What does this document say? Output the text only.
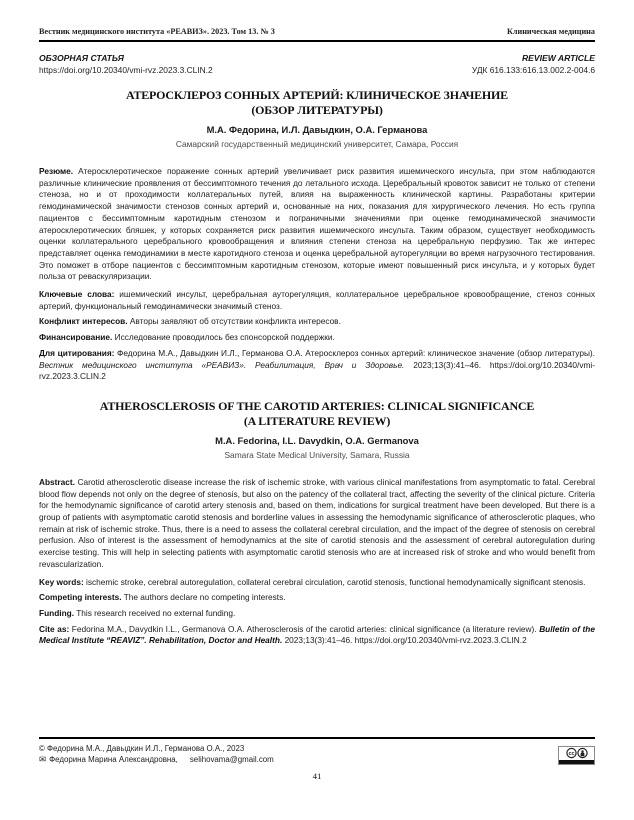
Вестник медицинского института «РЕАВИЗ». 2023. Том 13. № 3	Клиническая медицина
ОБЗОРНАЯ СТАТЬЯ
https://doi.org/10.20340/vmi-rvz.2023.3.CLIN.2
REVIEW ARTICLE
УДК 616.133:616.13.002.2-004.6
АТЕРОСКЛЕРОЗ СОННЫХ АРТЕРИЙ: КЛИНИЧЕСКОЕ ЗНАЧЕНИЕ
(ОБЗОР ЛИТЕРАТУРЫ)
М.А. Федорина, И.Л. Давыдкин, О.А. Германова
Самарский государственный медицинский университет, Самара, Россия

Резюме. Атеросклеротическое поражение сонных артерий увеличивает риск развития ишемического инсульта, при этом наблюдаются различные клинические проявления от бессимптомного течения до летального исхода. Церебральный кровоток зависит не только от степени стеноза, но и от проходимости коллатеральных путей, влияя на выраженность клинической картины. Разработаны критерии гемодинамической значимости стенозов сонных артерий и, основанные на них, показания для хирургического лечения. Но есть группа пациентов с бессимптомным каротидным стенозом и пограничными значениями при оценке гемодинамической значимости атеросклеротических бляшек, у которых сохраняется риск развития ишемического инсульта. Таким образом, существует необходимость оценки коллатерального церебрального кровообращения и влияния степени стеноза на церебральную перфузию. Так же интерес представляет оценка гемодинамики в месте каротидного стеноза и оценка церебральной ауторегуляции во время нагрузочного тестирования. Это поможет в отборе пациентов с бессимптомным каротидным стенозом, которые имеют повышенный риск инсульта, и у которых будет польза от реваскуляризации.

Ключевые слова: ишемический инсульт, церебральная ауторегуляция, коллатеральное церебральное кровообращение, стеноз сонных артерий, функциональный гемодинамически значимый стеноз.

Конфликт интересов. Авторы заявляют об отсутствии конфликта интересов.

Финансирование. Исследование проводилось без спонсорской поддержки.

Для цитирования: Федорина М.А., Давыдкин И.Л., Германова О.А. Атеросклероз сонных артерий: клиническое значение (обзор литературы). Вестник медицинского института «РЕАВИЗ». Реабилитация, Врач и Здоровье. 2023;13(3):41–46. https://doi.org/10.20340/vmi-rvz.2023.3.CLIN.2

ATHEROSCLEROSIS OF THE CAROTID ARTERIES: CLINICAL SIGNIFICANCE
(A LITERATURE REVIEW)
M.A. Fedorina, I.L. Davydkin, O.A. Germanova
Samara State Medical University, Samara, Russia

Abstract. Carotid atherosclerotic disease increase the risk of ischemic stroke, with various clinical manifestations from asymptomatic to fatal. Cerebral blood flow depends not only on the degree of stenosis, but also on the patency of the collateral tract, affecting the severity of the clinical picture. Criteria for the hemodynamic significance of carotid artery stenosis and, based on them, indications for surgical treatment have been developed. But there is a group of patients with asymptomatic carotid stenosis and borderline values in assessing the hemodynamic significance of atherosclerotic plaques, who remain at risk of ischemic stroke. Thus, there is a need to assess the collateral cerebral circulation, and the impact of the degree of stenosis on cerebral perfusion. Also of interest is the assessment of hemodynamics at the site of carotid stenosis and the assessment of cerebral autoregulation during exercise testing. This will help in selecting patients with asymptomatic carotid stenosis who are at increased risk of stroke and who would benefit from revascularization.

Key words: ischemic stroke, cerebral autoregulation, collateral cerebral circulation, carotid stenosis, functional hemodynamically significant stenosis.

Competing interests. The authors declare no competing interests.

Funding. This research received no external funding.

Cite as: Fedorina M.A., Davydkin I.L., Germanova O.A. Atherosclerosis of the carotid arteries: clinical significance (a literature review). Bulletin of the Medical Institute “REAVIZ”. Rehabilitation, Doctor and Health. 2023;13(3):41–46. https://doi.org/10.20340/vmi-rvz.2023.3.CLIN.2

© Федорина М.А., Давыдкин И.Л., Германова О.А., 2023
✉ Федорина Марина Александровна, selihovama@gmail.com
cc
41
